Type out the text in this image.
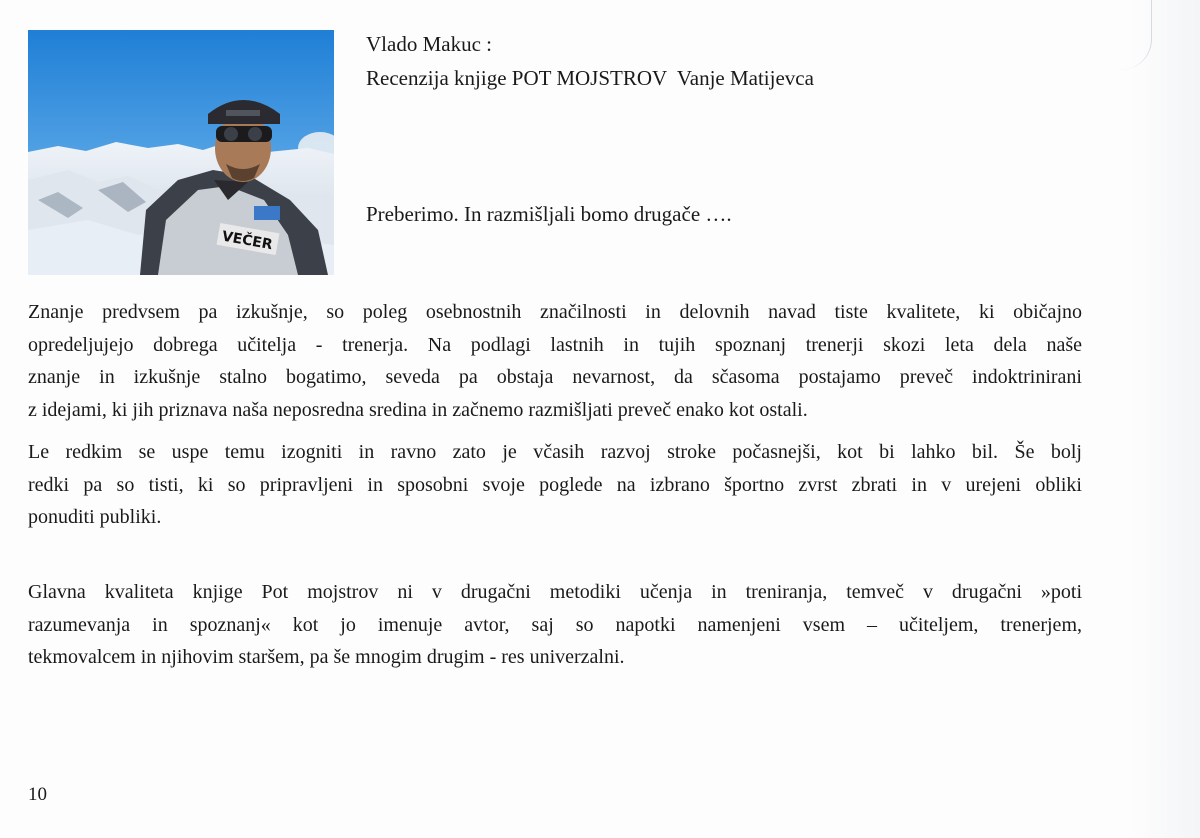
VEČER
Vlado Makuc :
Recenzija knjige POT MOJSTROV  Vanje Matijevca
Preberimo. In razmišljali bomo drugače ….
Znanje predvsem pa izkušnje, so poleg osebnostnih značilnosti in delovnih navad tiste kvalitete, ki običajno
opredeljujejo dobrega učitelja - trenerja. Na podlagi lastnih in tujih spoznanj trenerji skozi leta dela naše
znanje in izkušnje stalno bogatimo, seveda pa obstaja nevarnost, da sčasoma postajamo preveč indoktrinirani
z idejami, ki jih priznava naša neposredna sredina in začnemo razmišljati preveč enako kot ostali.
Le redkim se uspe temu izogniti in ravno zato je včasih razvoj stroke počasnejši, kot bi lahko bil. Še bolj
redki pa so tisti, ki so pripravljeni in sposobni svoje poglede na izbrano športno zvrst zbrati in v urejeni obliki
ponuditi publiki.
Glavna kvaliteta knjige Pot mojstrov ni v drugačni metodiki učenja in treniranja, temveč v drugačni »poti
razumevanja in spoznanj« kot jo imenuje avtor, saj so napotki namenjeni vsem – učiteljem, trenerjem,
tekmovalcem in njihovim staršem, pa še mnogim drugim - res univerzalni.
10
